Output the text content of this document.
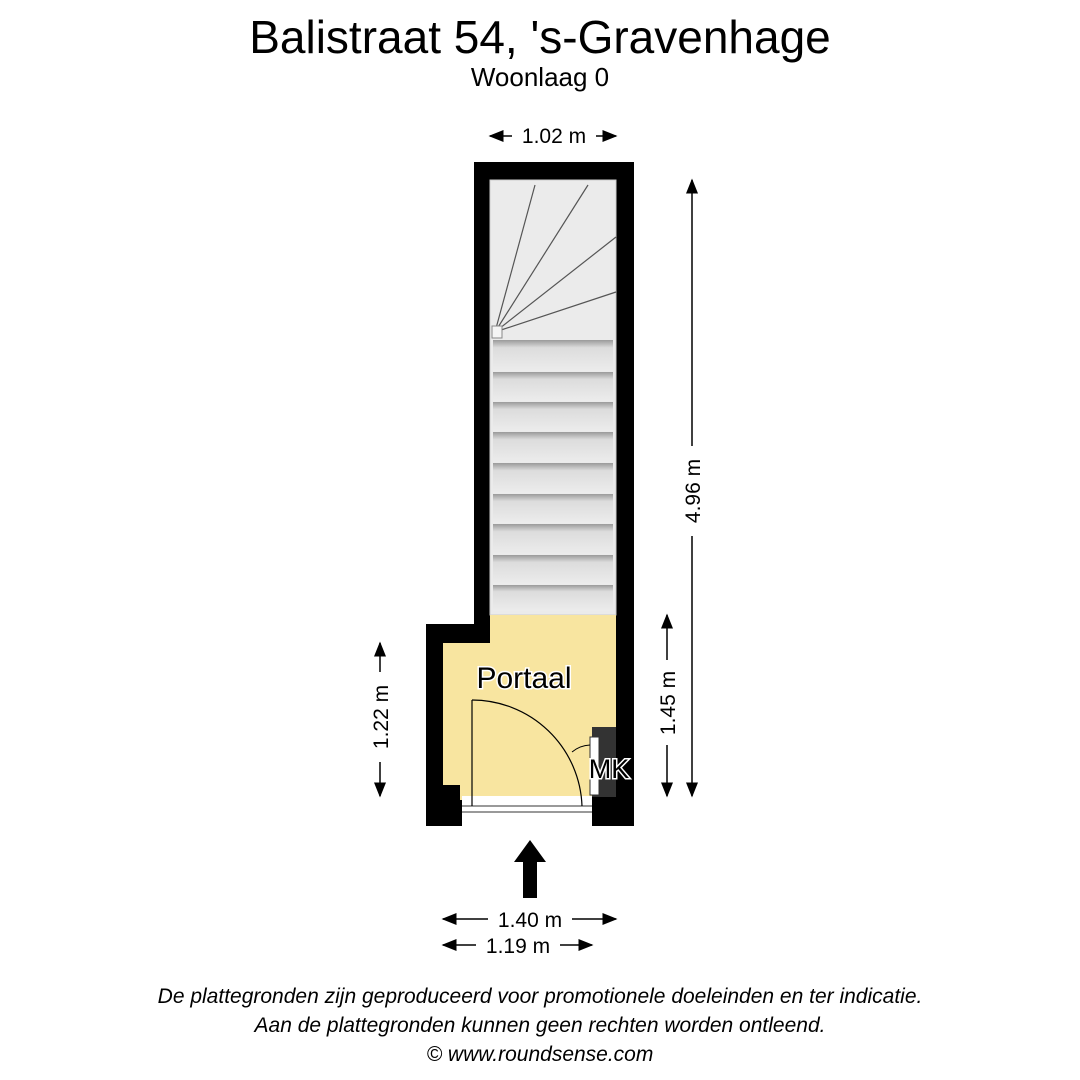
Balistraat 54, 's-Gravenhage
Woonlaag 0
MK
Portaal
1.02 m
4.96 m
1.45 m
1.22 m
1.40 m
1.19 m
De plattegronden zijn geproduceerd voor promotionele doeleinden en ter indicatie.
Aan de plattegronden kunnen geen rechten worden ontleend.
© www.roundsense.com
